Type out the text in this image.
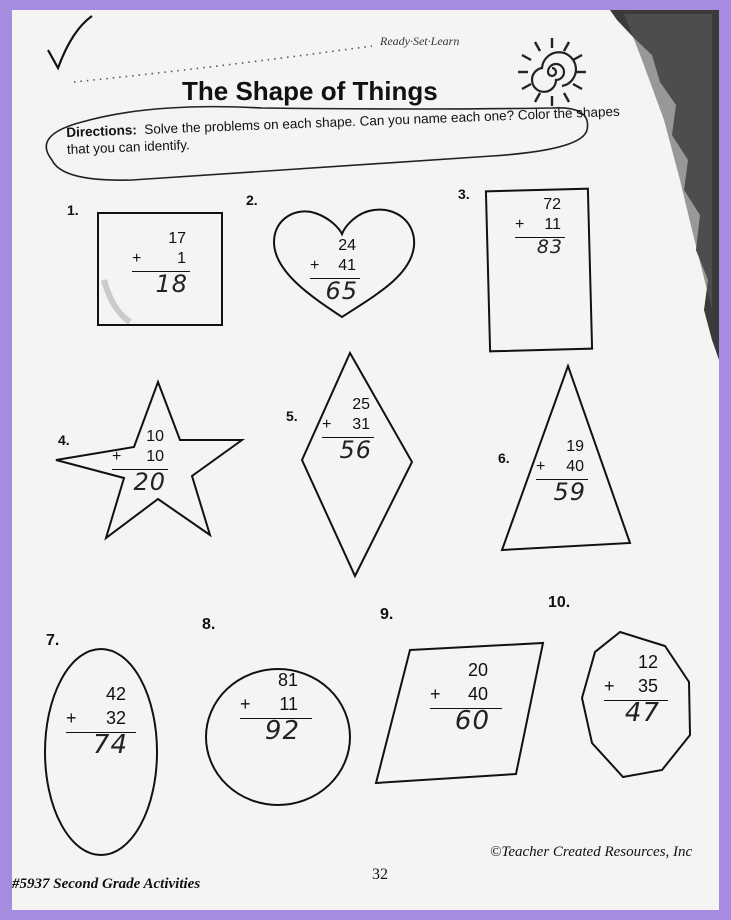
Ready·Set·Learn
The Shape of Things
Directions: Solve the problems on each shape. Can you name each one? Color the shapes that you can identify.
1.
2.	3.
4.
5.
6.
7.
8.
9.
10.
17
+ 1
18
24
+ 41
65
72
+ 11
83
10
+ 10
20
25
+ 31
56	19
+ 40
59
42
+ 32
74
81
+ 11
92
20
+ 40
60
12
+ 35
47
#5937 Second Grade Activities
32
©Teacher Created Resources, Inc
